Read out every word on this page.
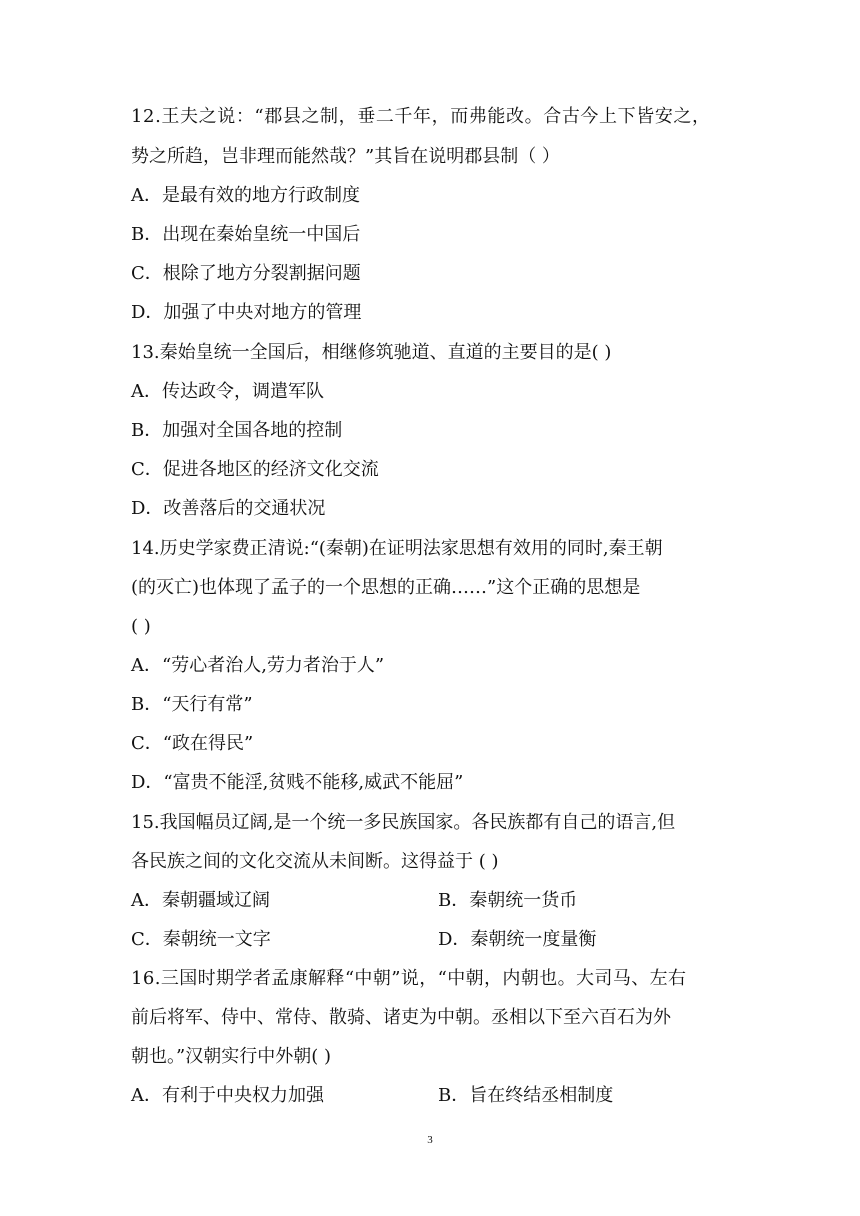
12.王夫之说：“郡县之制，垂二千年，而弗能改。合古今上下皆安之，
势之所趋，岂非理而能然哉？”其旨在说明郡县制（ ）
A．是最有效的地方行政制度
B．出现在秦始皇统一中国后
C．根除了地方分裂割据问题
D．加强了中央对地方的管理
13.秦始皇统一全国后，相继修筑驰道、直道的主要目的是( )
A．传达政令，调遣军队
B．加强对全国各地的控制
C．促进各地区的经济文化交流
D．改善落后的交通状况
14.历史学家费正清说:“(秦朝)在证明法家思想有效用的同时,秦王朝
(的灭亡)也体现了孟子的一个思想的正确……”这个正确的思想是
( )
A．“劳心者治人,劳力者治于人”
B．“天行有常”
C．“政在得民”
D．“富贵不能淫,贫贱不能移,威武不能屈”
15.我国幅员辽阔,是一个统一多民族国家。各民族都有自己的语言,但
各民族之间的文化交流从未间断。这得益于 ( )
A．秦朝疆域辽阔	B．秦朝统一货币
C．秦朝统一文字	D．秦朝统一度量衡
16.三国时期学者孟康解释“中朝”说，“中朝，内朝也。大司马、左右
前后将军、侍中、常侍、散骑、诸吏为中朝。丞相以下至六百石为外
朝也。”汉朝实行中外朝( )
A．有利于中央权力加强	B．旨在终结丞相制度
3
